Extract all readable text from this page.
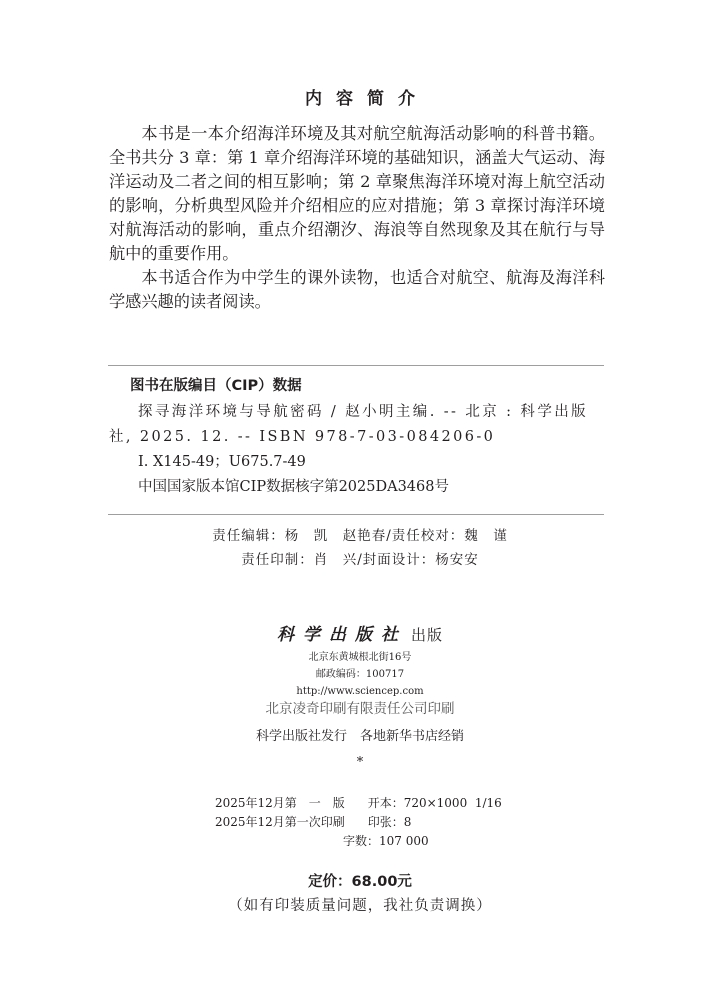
内容简介

本书是一本介绍海洋环境及其对航空航海活动影响的科普书籍。全书共分 3 章：第 1 章介绍海洋环境的基础知识，涵盖大气运动、海洋运动及二者之间的相互影响；第 2 章聚焦海洋环境对海上航空活动的影响，分析典型风险并介绍相应的应对措施；第 3 章探讨海洋环境对航海活动的影响，重点介绍潮汐、海浪等自然现象及其在航行与导航中的重要作用。

本书适合作为中学生的课外读物，也适合对航空、航海及海洋科学感兴趣的读者阅读。

图书在版编目（CIP）数据
探寻海洋环境与导航密码 / 赵小明主编. -- 北京 : 科学出版社, 2025. 12. -- ISBN 978-7-03-084206-0
Ⅰ. X145-49；U675.7-49
中国国家版本馆CIP数据核字第2025DA3468号
责任编辑：杨　凯　赵艳春/责任校对：魏　谨
责任印制：肖　兴/封面设计：杨安安
科学出版社 出版
北京东黄城根北街16号
邮政编码：100717
http://www.sciencep.com
北京凌奇印刷有限责任公司印刷
科学出版社发行　各地新华书店经销
*
2025年12月第　一　版 开本：720×1000  1/16
2025年12月第一次印刷 印张：8
字数：107 000
定价：68.00元
（如有印装质量问题，我社负责调换）
